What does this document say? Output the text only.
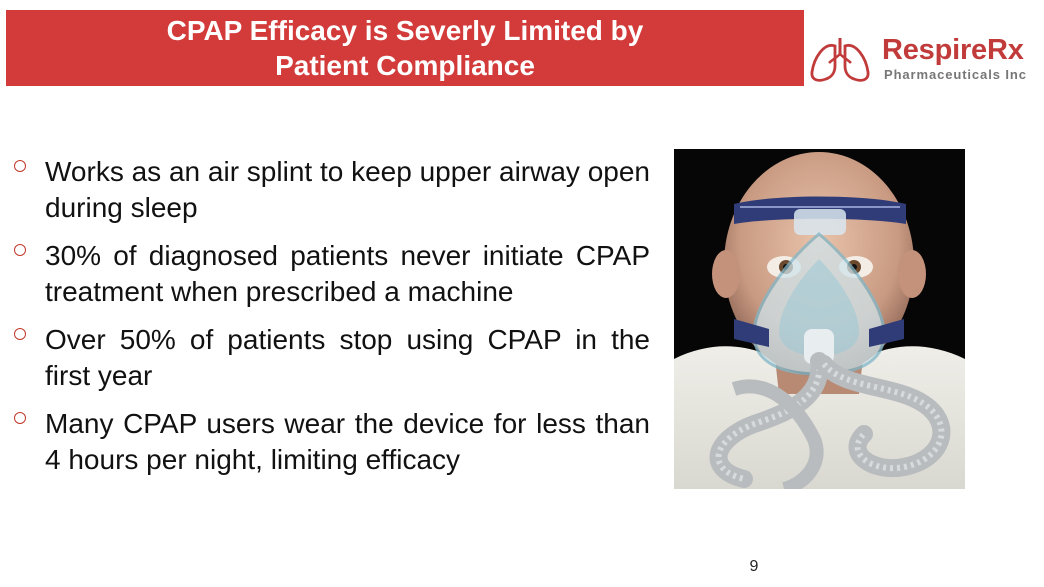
CPAP Efficacy is Severly Limited by
Patient Compliance	RespireRx
Pharmaceuticals Inc
Works as an air splint to keep upper airway open during sleep
30% of diagnosed patients never initiate CPAP treatment when prescribed a machine
Over 50% of patients stop using CPAP in the first year
Many CPAP users wear the device for less than 4 hours per night, limiting efficacy
9
